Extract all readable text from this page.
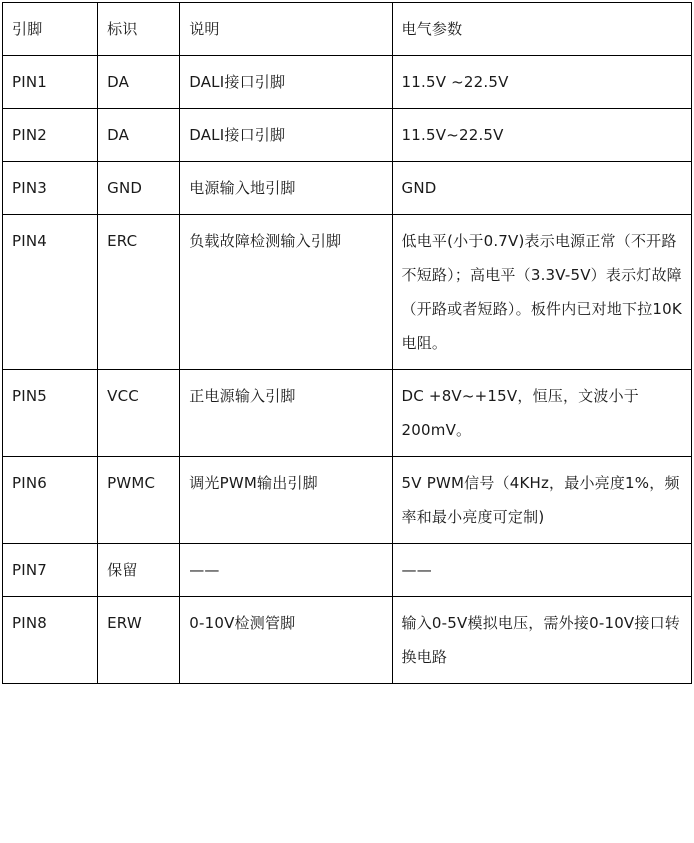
引脚	标识	说明	电气参数

PIN1	DA	DALI接口引脚	11.5V ~22.5V

PIN2	DA	DALI接口引脚	11.5V~22.5V

PIN3	GND	电源输入地引脚	GND

PIN4	ERC	负载故障检测输入引脚	低电平(小于0.7V)表示电源正常（不开路不短路）；高电平（3.3V-5V）表示灯故障（开路或者短路）。板件内已对地下拉10K电阻。

PIN5	VCC	正电源输入引脚	DC +8V~+15V，恒压，文波小于200mV。

PIN6	PWMC	调光PWM输出引脚	5V PWM信号（4KHz，最小亮度1%，频率和最小亮度可定制)

PIN7	保留	——	——

PIN8	ERW	0-10V检测管脚	输入0-5V模拟电压，需外接0-10V接口转换电路
